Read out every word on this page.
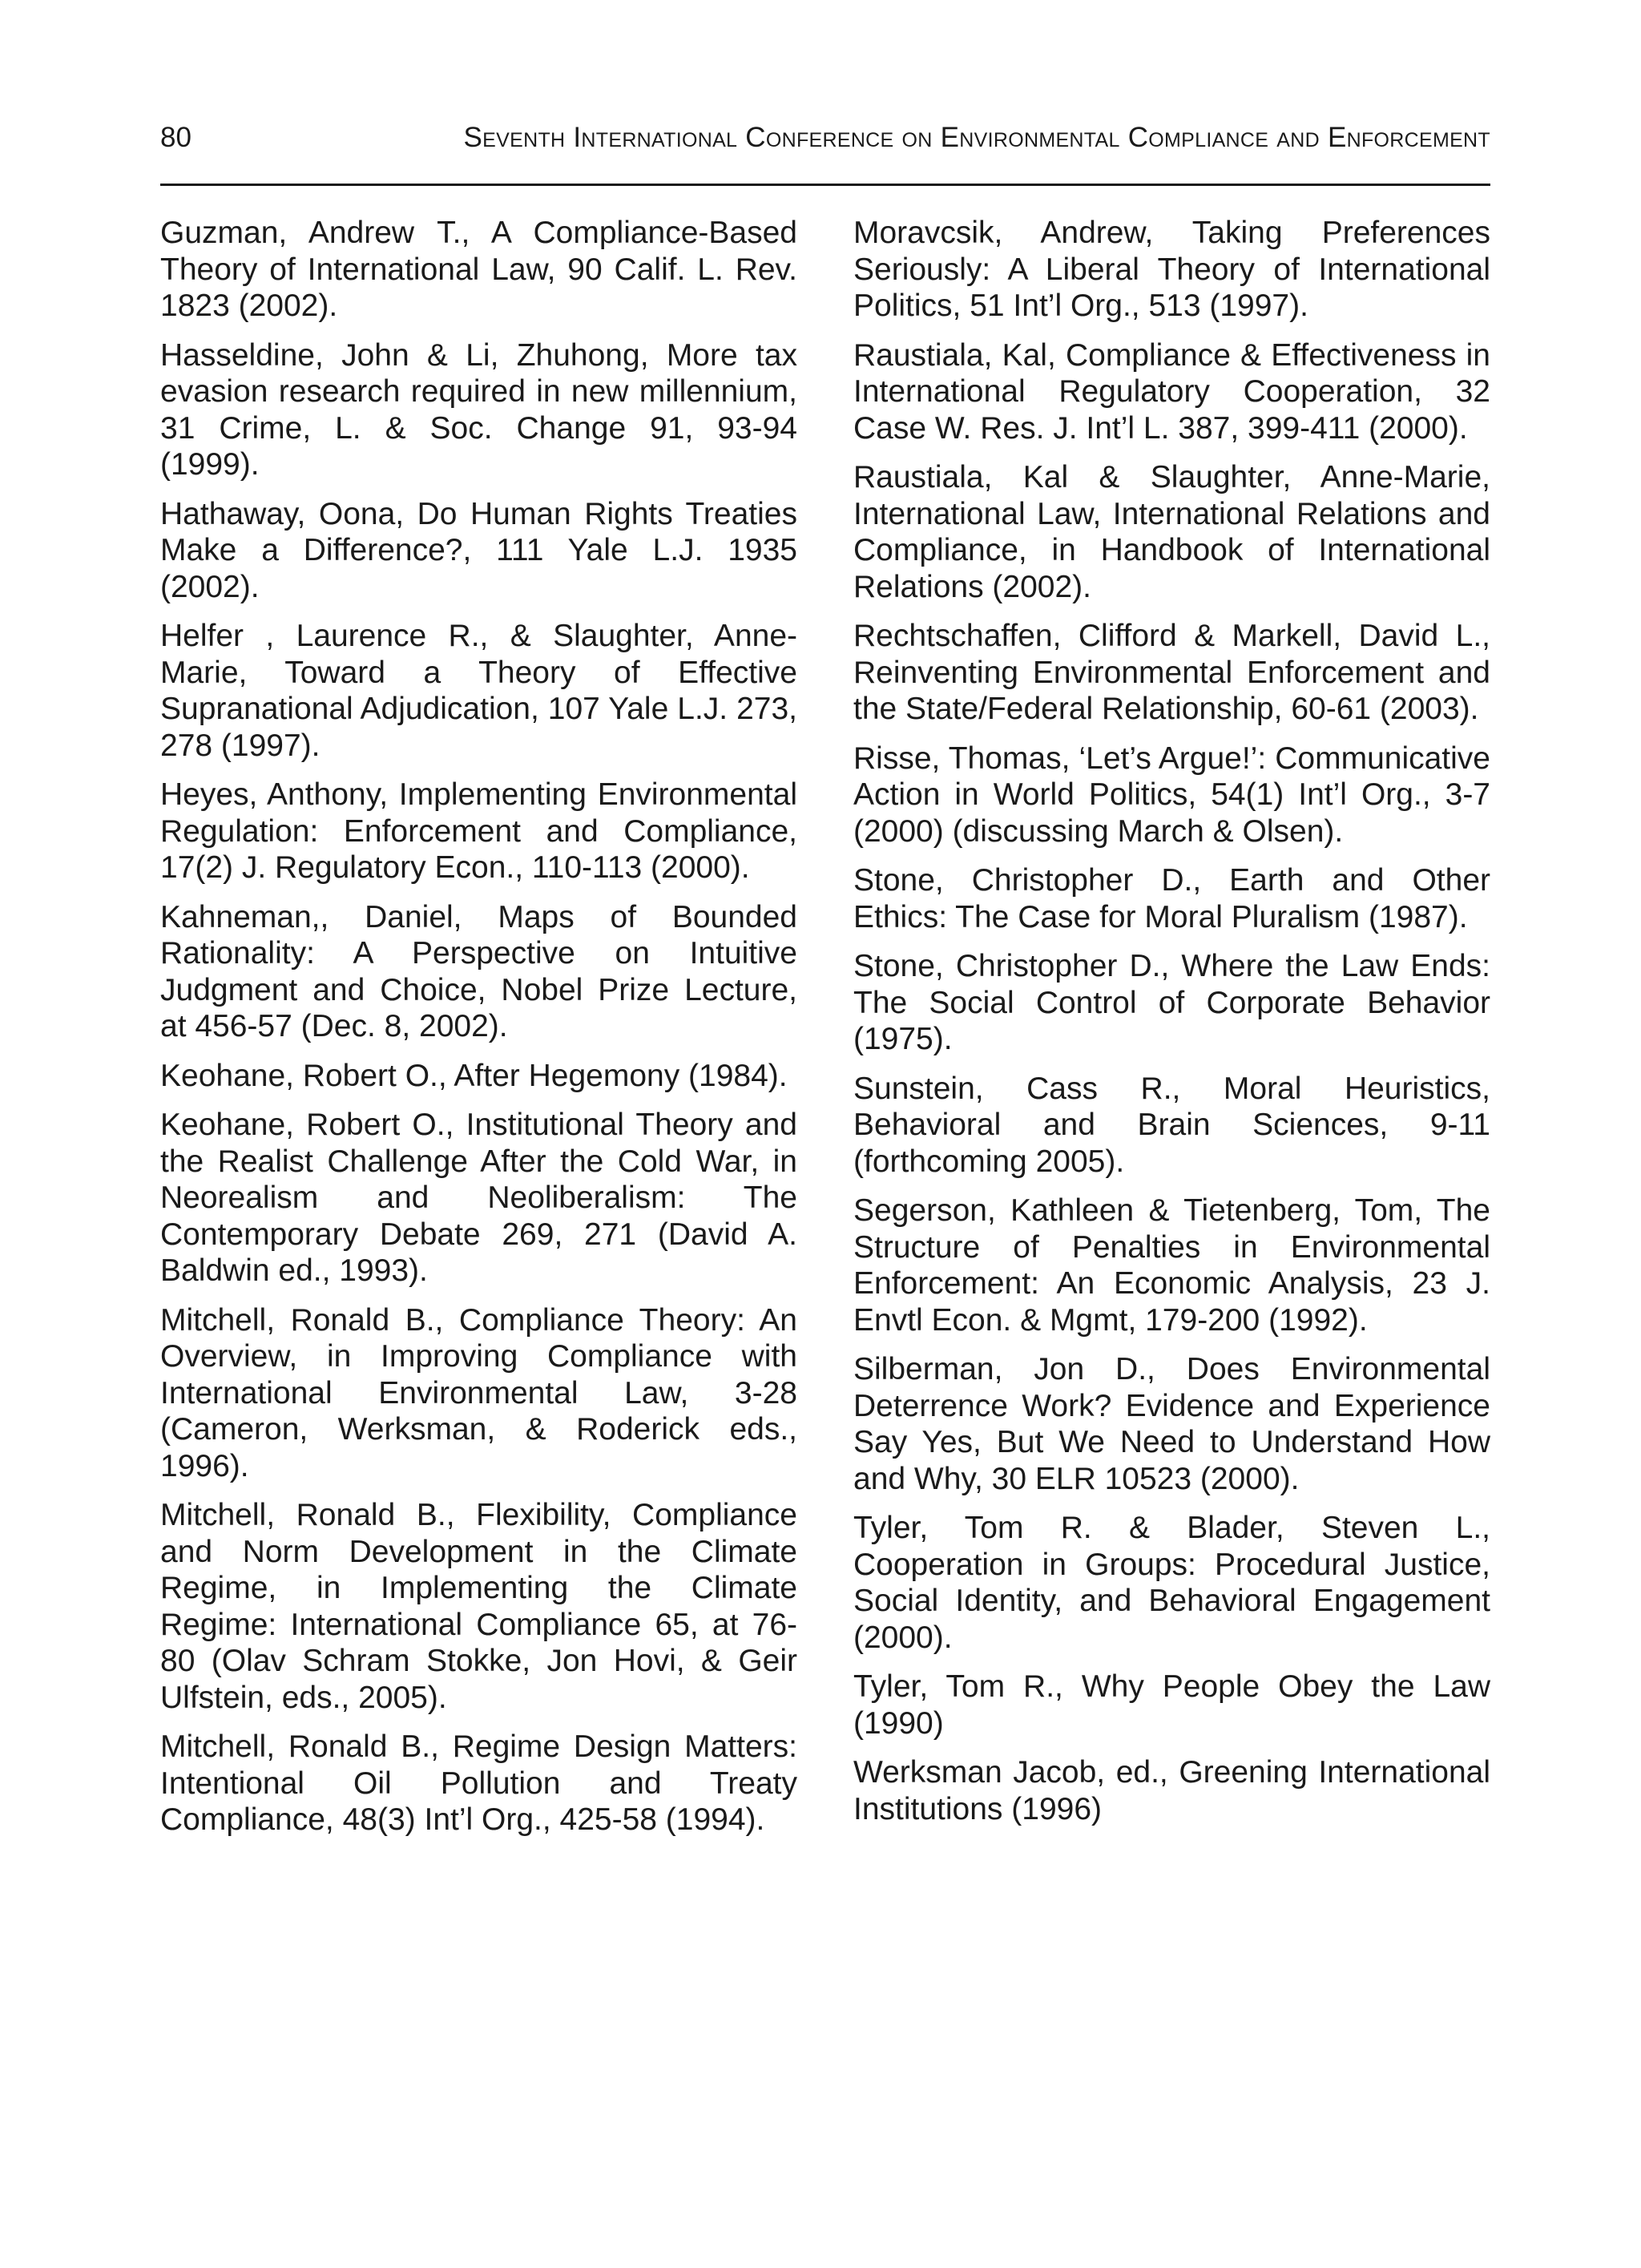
80	Seventh International Conference on Environmental Compliance and Enforcement

Guzman, Andrew T., A Compliance-Based Theory of International Law, 90 Calif. L. Rev. 1823 (2002).

Hasseldine, John & Li, Zhuhong, More tax evasion research required in new millennium, 31 Crime, L. & Soc. Change 91, 93-94 (1999).

Hathaway, Oona, Do Human Rights Treaties Make a Difference?, 111 Yale L.J. 1935 (2002).

Helfer , Laurence R., & Slaughter, Anne-Marie, Toward a Theory of Effective Supranational Adjudication, 107 Yale L.J. 273, 278 (1997).

Heyes, Anthony, Implementing Environmental Regulation: Enforcement and Compliance, 17(2) J. Regulatory Econ., 110-113 (2000).

Kahneman,, Daniel, Maps of Bounded Rationality: A Perspective on Intuitive Judgment and Choice, Nobel Prize Lecture, at 456-57 (Dec. 8, 2002).

Keohane, Robert O., After Hegemony (1984).

Keohane, Robert O., Institutional Theory and the Realist Challenge After the Cold War, in Neorealism and Neoliberalism: The Contemporary Debate 269, 271 (David A. Baldwin ed., 1993).

Mitchell, Ronald B., Compliance Theory: An Overview, in Improving Compliance with International Environmental Law, 3-28 (Cameron, Werksman, & Roderick eds., 1996).

Mitchell, Ronald B., Flexibility, Compliance and Norm Development in the Climate Regime, in Implementing the Climate Regime: International Compliance 65, at 76-80 (Olav Schram Stokke, Jon Hovi, & Geir Ulfstein, eds., 2005).

Mitchell, Ronald B., Regime Design Matters: Intentional Oil Pollution and Treaty Compliance, 48(3) Int’l Org., 425-58 (1994).

Moravcsik, Andrew, Taking Preferences Seriously: A Liberal Theory of International Politics, 51 Int’l Org., 513 (1997).

Raustiala, Kal, Compliance & Effectiveness in International Regulatory Cooperation, 32 Case W. Res. J. Int’l L. 387, 399-411 (2000).

Raustiala, Kal & Slaughter, Anne-Marie, International Law, International Relations and Compliance, in Handbook of International Relations (2002).

Rechtschaffen, Clifford & Markell, David L., Reinventing Environmental Enforcement and the State/Federal Relationship, 60-61 (2003).

Risse, Thomas, ‘Let’s Argue!’: Communicative Action in World Politics, 54(1) Int’l Org., 3-7 (2000) (discussing March & Olsen).

Stone, Christopher D., Earth and Other Ethics: The Case for Moral Pluralism (1987).

Stone, Christopher D., Where the Law Ends: The Social Control of Corporate Behavior (1975).

Sunstein, Cass R., Moral Heuristics, Behavioral and Brain Sciences, 9-11 (forthcoming 2005).

Segerson, Kathleen & Tietenberg, Tom, The Structure of Penalties in Environmental Enforcement: An Economic Analysis, 23 J. Envtl Econ. & Mgmt, 179-200 (1992).

Silberman, Jon D., Does Environmental Deterrence Work? Evidence and Experience Say Yes, But We Need to Understand How and Why, 30 ELR 10523 (2000).

Tyler, Tom R. & Blader, Steven L., Cooperation in Groups: Procedural Justice, Social Identity, and Behavioral Engagement (2000).

Tyler, Tom R., Why People Obey the Law (1990)

Werksman Jacob, ed., Greening International Institutions (1996)
